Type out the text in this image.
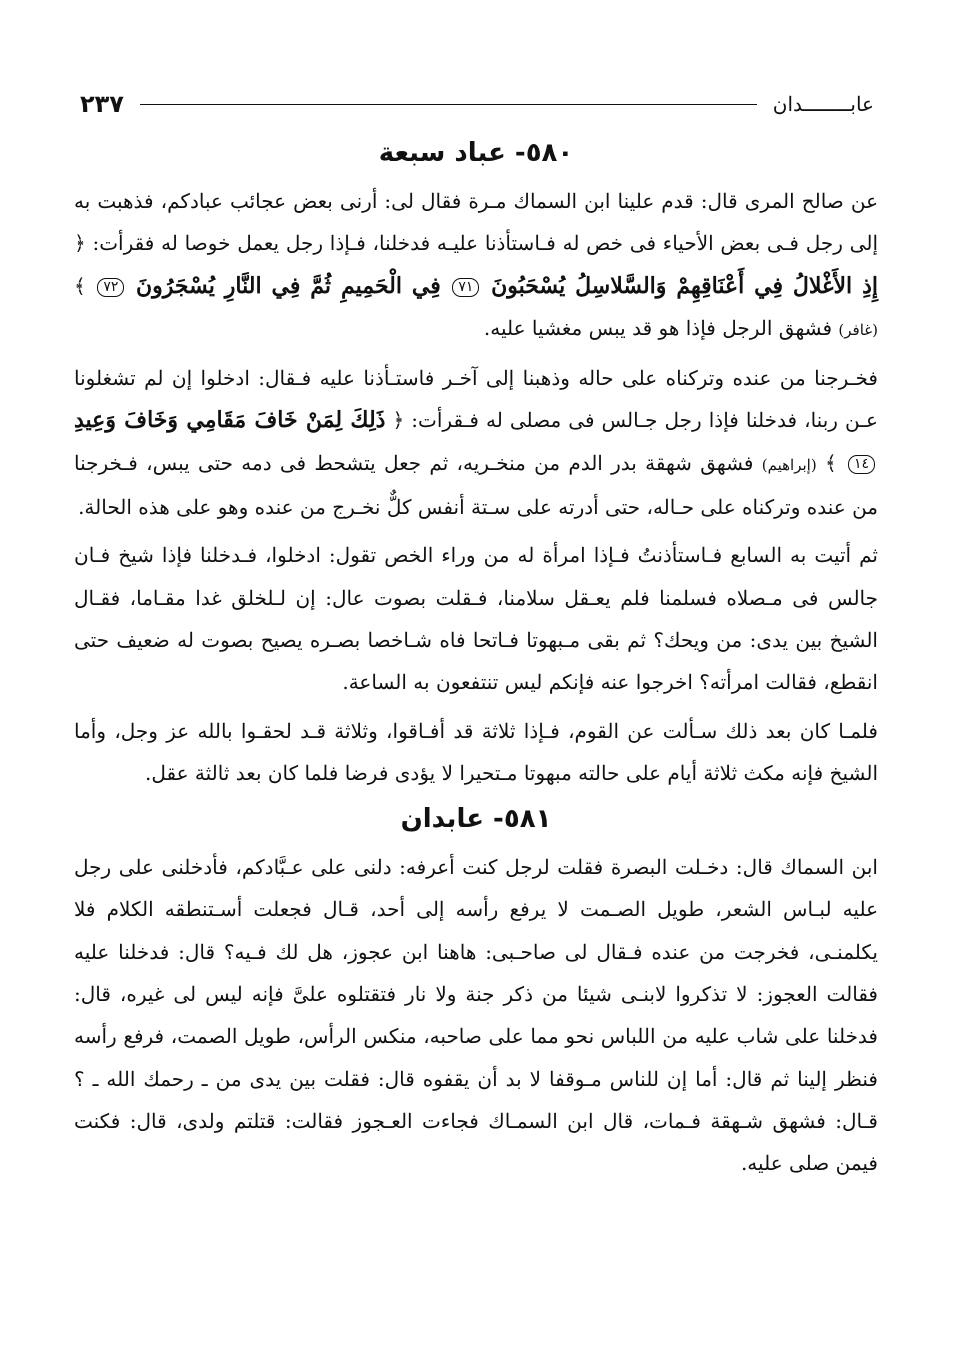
٢٣٧	عابــــــــدان
٥٨٠- عباد سبعة

عن صالح المرى قال: قدم علينا ابن السماك مـرة فقال لى: أرنى بعض عجائب عبادكم، فذهبت به إلى رجل فـى بعض الأحياء فى خص له فـاستأذنا عليـه فدخلنا، فـإذا رجل يعمل خوصا له فقرأت: ﴿ إِذِ الأَغْلالُ فِي أَعْنَاقِهِمْ وَالسَّلاسِلُ يُسْحَبُونَ ٧١ فِي الْحَمِيمِ ثُمَّ فِي النَّارِ يُسْجَرُونَ ٧٢ ﴾ (غافر) فشهق الرجل فإذا هو قد يبس مغشيا عليه.

فخـرجنا من عنده وتركناه على حاله وذهبنا إلى آخـر فاستـأذنا عليه فـقال: ادخلوا إن لم تشغلونا عـن ربنا، فدخلنا فإذا رجل جـالس فى مصلى له فـقرأت: ﴿ ذَلِكَ لِمَنْ خَافَ مَقَامِي وَخَافَ وَعِيدِ ١٤ ﴾ (إبراهيم) فشهق شهقة بدر الدم من منخـريه، ثم جعل يتشحط فى دمه حتى يبس، فـخرجنا من عنده وتركناه على حـاله، حتى أدرته على سـتة أنفس كلٌّ نخـرج من عنده وهو على هذه الحالة.

ثم أتيت به السابع فـاستأذنتُ فـإذا امرأة له من وراء الخص تقول: ادخلوا، فـدخلنا فإذا شيخ فـان جالس فى مـصلاه فسلمنا فلم يعـقل سلامنا، فـقلت بصوت عال: إن لـلخلق غدا مقـاما، فقـال الشيخ بين يدى: من ويحك؟ ثم بقى مـبهوتا فـاتحا فاه شـاخصا بصـره يصيح بصوت له ضعيف حتى انقطع، فقالت امرأته؟ اخرجوا عنه فإنكم ليس تنتفعون به الساعة.

فلمـا كان بعد ذلك سـألت عن القوم، فـإذا ثلاثة قد أفـاقوا، وثلاثة قـد لحقـوا بالله عز وجل، وأما الشيخ فإنه مكث ثلاثة أيام على حالته مبهوتا مـتحيرا لا يؤدى فرضا فلما كان بعد ثالثة عقل.

٥٨١- عابدان

ابن السماك قال: دخـلت البصرة فقلت لرجل كنت أعرفه: دلنى على عـبَّادكم، فأدخلنى على رجل عليه لبـاس الشعر، طويل الصـمت لا يرفع رأسه إلى أحد، قـال فجعلت أسـتنطقه الكلام فلا يكلمنـى، فخرجت من عنده فـقال لى صاحـبى: هاهنا ابن عجوز، هل لك فـيه؟ قال: فدخلنا عليه فقالت العجوز: لا تذكروا لابنـى شيئا من ذكر جنة ولا نار فتقتلوه علىَّ فإنه ليس لى غيره، قال: فدخلنا على شاب عليه من اللباس نحو مما على صاحبه، منكس الرأس، طويل الصمت، فرفع رأسه فنظر إلينا ثم قال: أما إن للناس مـوقفا لا بد أن يقفوه قال: فقلت بين يدى من ـ رحمك الله ـ ؟ قـال: فشهق شـهقة فـمات، قال ابن السمـاك فجاءت العـجوز فقالت: قتلتم ولدى، قال: فكنت فيمن صلى عليه.
